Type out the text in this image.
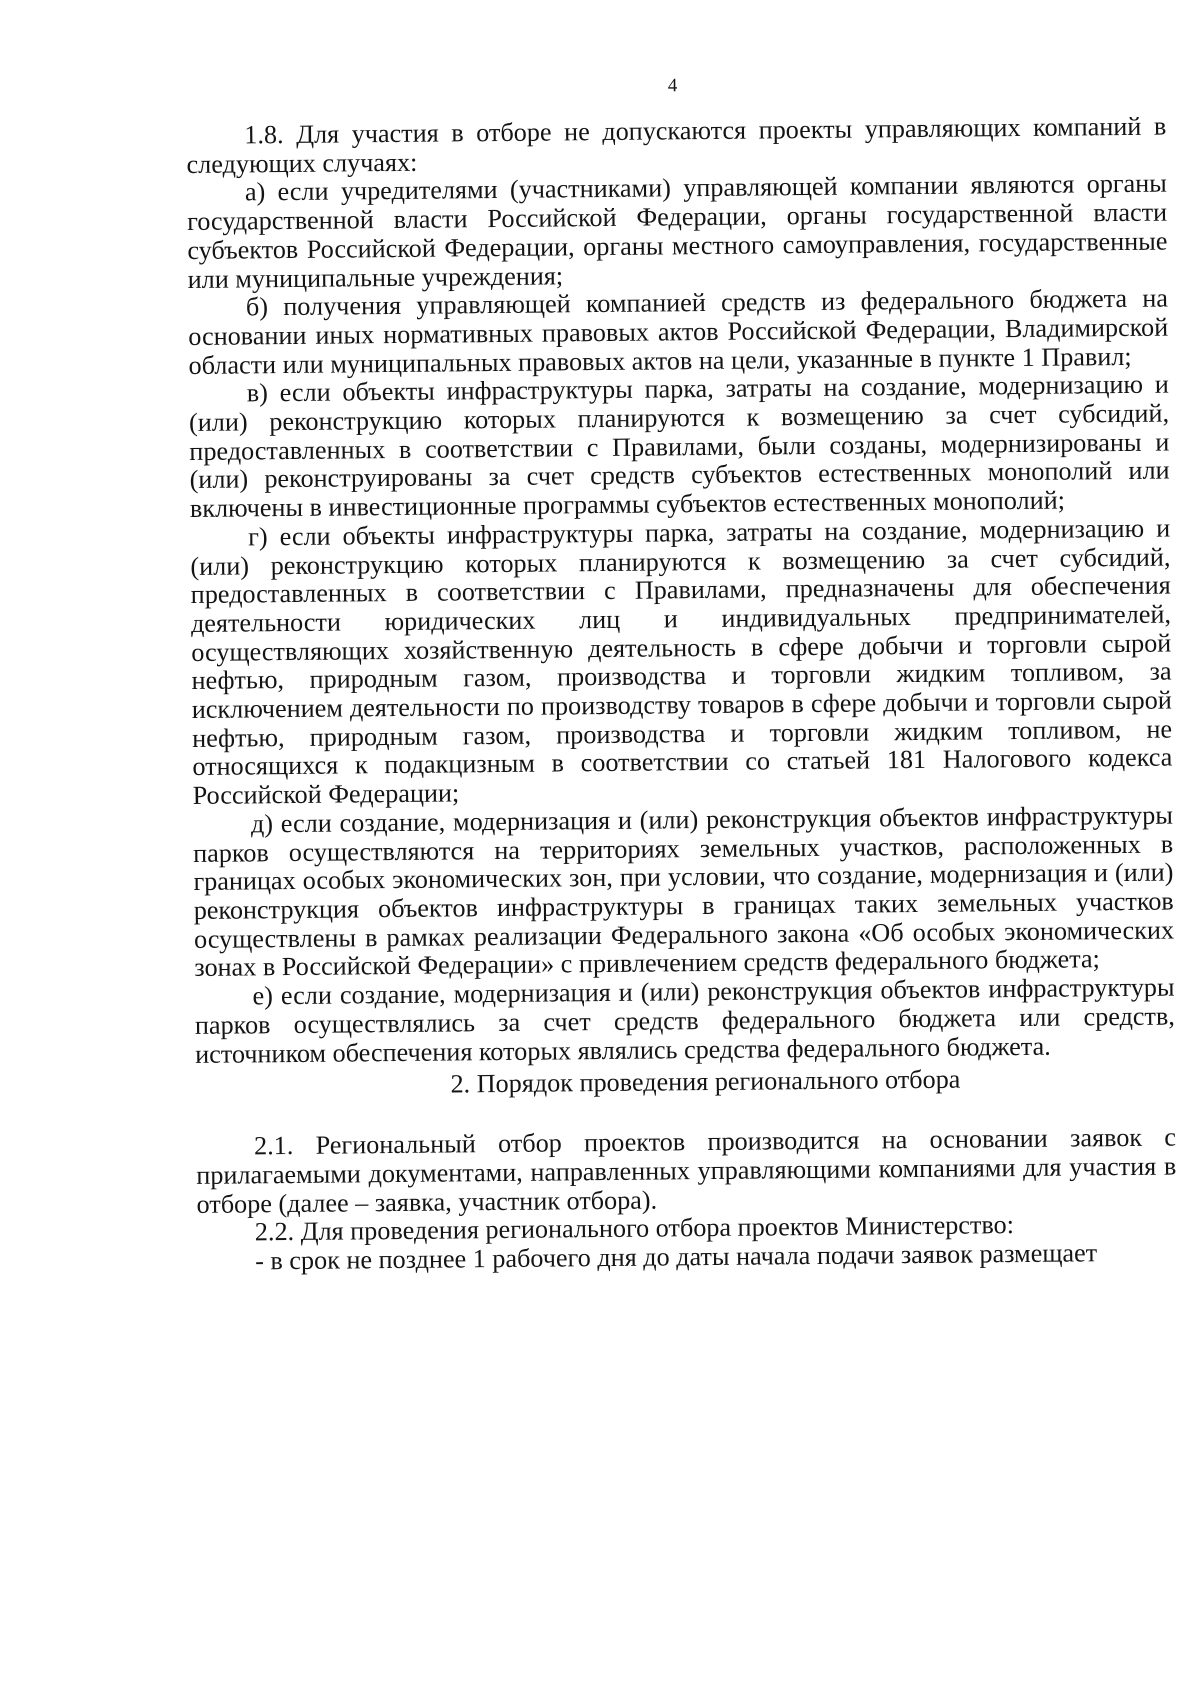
4

1.8. Для участия в отборе не допускаются проекты управляющих компаний в следующих случаях:

а) если учредителями (участниками) управляющей компании являются органы государственной власти Российской Федерации, органы государственной власти субъектов Российской Федерации, органы местного самоуправления, государственные или муниципальные учреждения;

б) получения управляющей компанией средств из федерального бюджета на основании иных нормативных правовых актов Российской Федерации, Владимирской области или муниципальных правовых актов на цели, указанные в пункте 1 Правил;

в) если объекты инфраструктуры парка, затраты на создание, модернизацию и (или) реконструкцию которых планируются к возмещению за счет субсидий, предоставленных в соответствии с Правилами, были созданы, модернизированы и (или) реконструированы за счет средств субъектов естественных монополий или включены в инвестиционные программы субъектов естественных монополий;

г) если объекты инфраструктуры парка, затраты на создание, модернизацию и (или) реконструкцию которых планируются к возмещению за счет субсидий, предоставленных в соответствии с Правилами, предназначены для обеспечения деятельности юридических лиц и индивидуальных предпринимателей, осуществляющих хозяйственную деятельность в сфере добычи и торговли сырой нефтью, природным газом, производства и торговли жидким топливом, за исключением деятельности по производству товаров в сфере добычи и торговли сырой нефтью, природным газом, производства и торговли жидким топливом, не относящихся к подакцизным в соответствии со статьей 181 Налогового кодекса Российской Федерации;

д) если создание, модернизация и (или) реконструкция объектов инфраструктуры парков осуществляются на территориях земельных участков, расположенных в границах особых экономических зон, при условии, что создание, модернизация и (или) реконструкция объектов инфраструктуры в границах таких земельных участков осуществлены в рамках реализации Федерального закона «Об особых экономических зонах в Российской Федерации» с привлечением средств федерального бюджета;

е) если создание, модернизация и (или) реконструкция объектов инфраструктуры парков осуществлялись за счет средств федерального бюджета или средств, источником обеспечения которых являлись средства федерального бюджета.

2. Порядок проведения регионального отбора

2.1. Региональный отбор проектов производится на основании заявок с прилагаемыми документами, направленных управляющими компаниями для участия в отборе (далее – заявка, участник отбора).

2.2. Для проведения регионального отбора проектов Министерство:

- в срок не позднее 1 рабочего дня до даты начала подачи заявок размещает
